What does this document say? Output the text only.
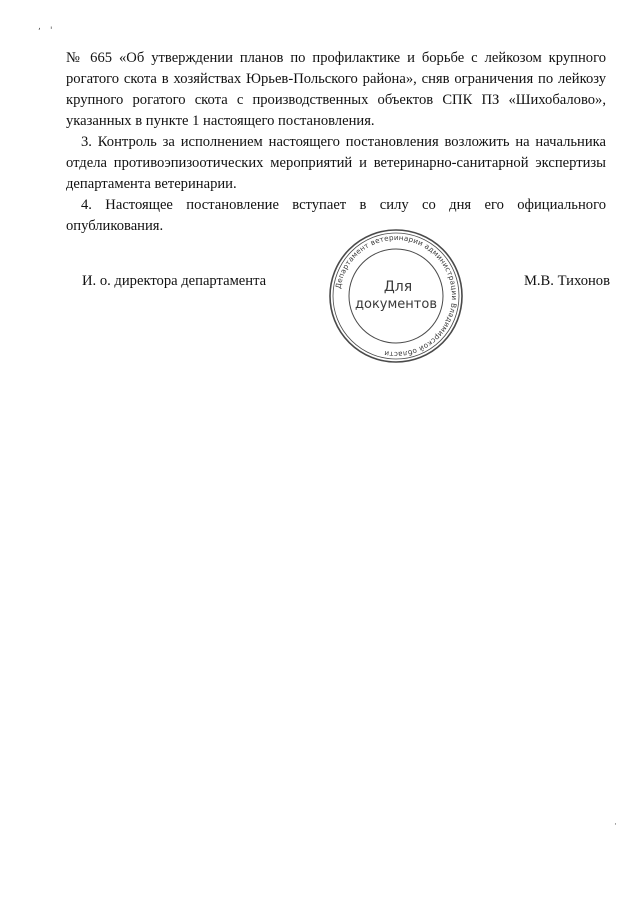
, '

№ 665 «Об утверждении планов по профилактике и борьбе с лейкозом крупного рогатого скота в хозяйствах Юрьев-Польского района», сняв ограничения по лейкозу крупного рогатого скота с производственных объектов СПК ПЗ «Шихобалово», указанных в пункте 1 настоящего постановления.

3. Контроль за исполнением настоящего постановления возложить на начальника отдела противоэпизоотических мероприятий и ветеринарно-санитарной экспертизы департамента ветеринарии.

4. Настоящее постановление вступает в силу со дня его официального опубликования.

И. о. директора департамента	Департамент ветеринарии администрации Владимирской области
Для
документов
М.В. Тихонов
·
